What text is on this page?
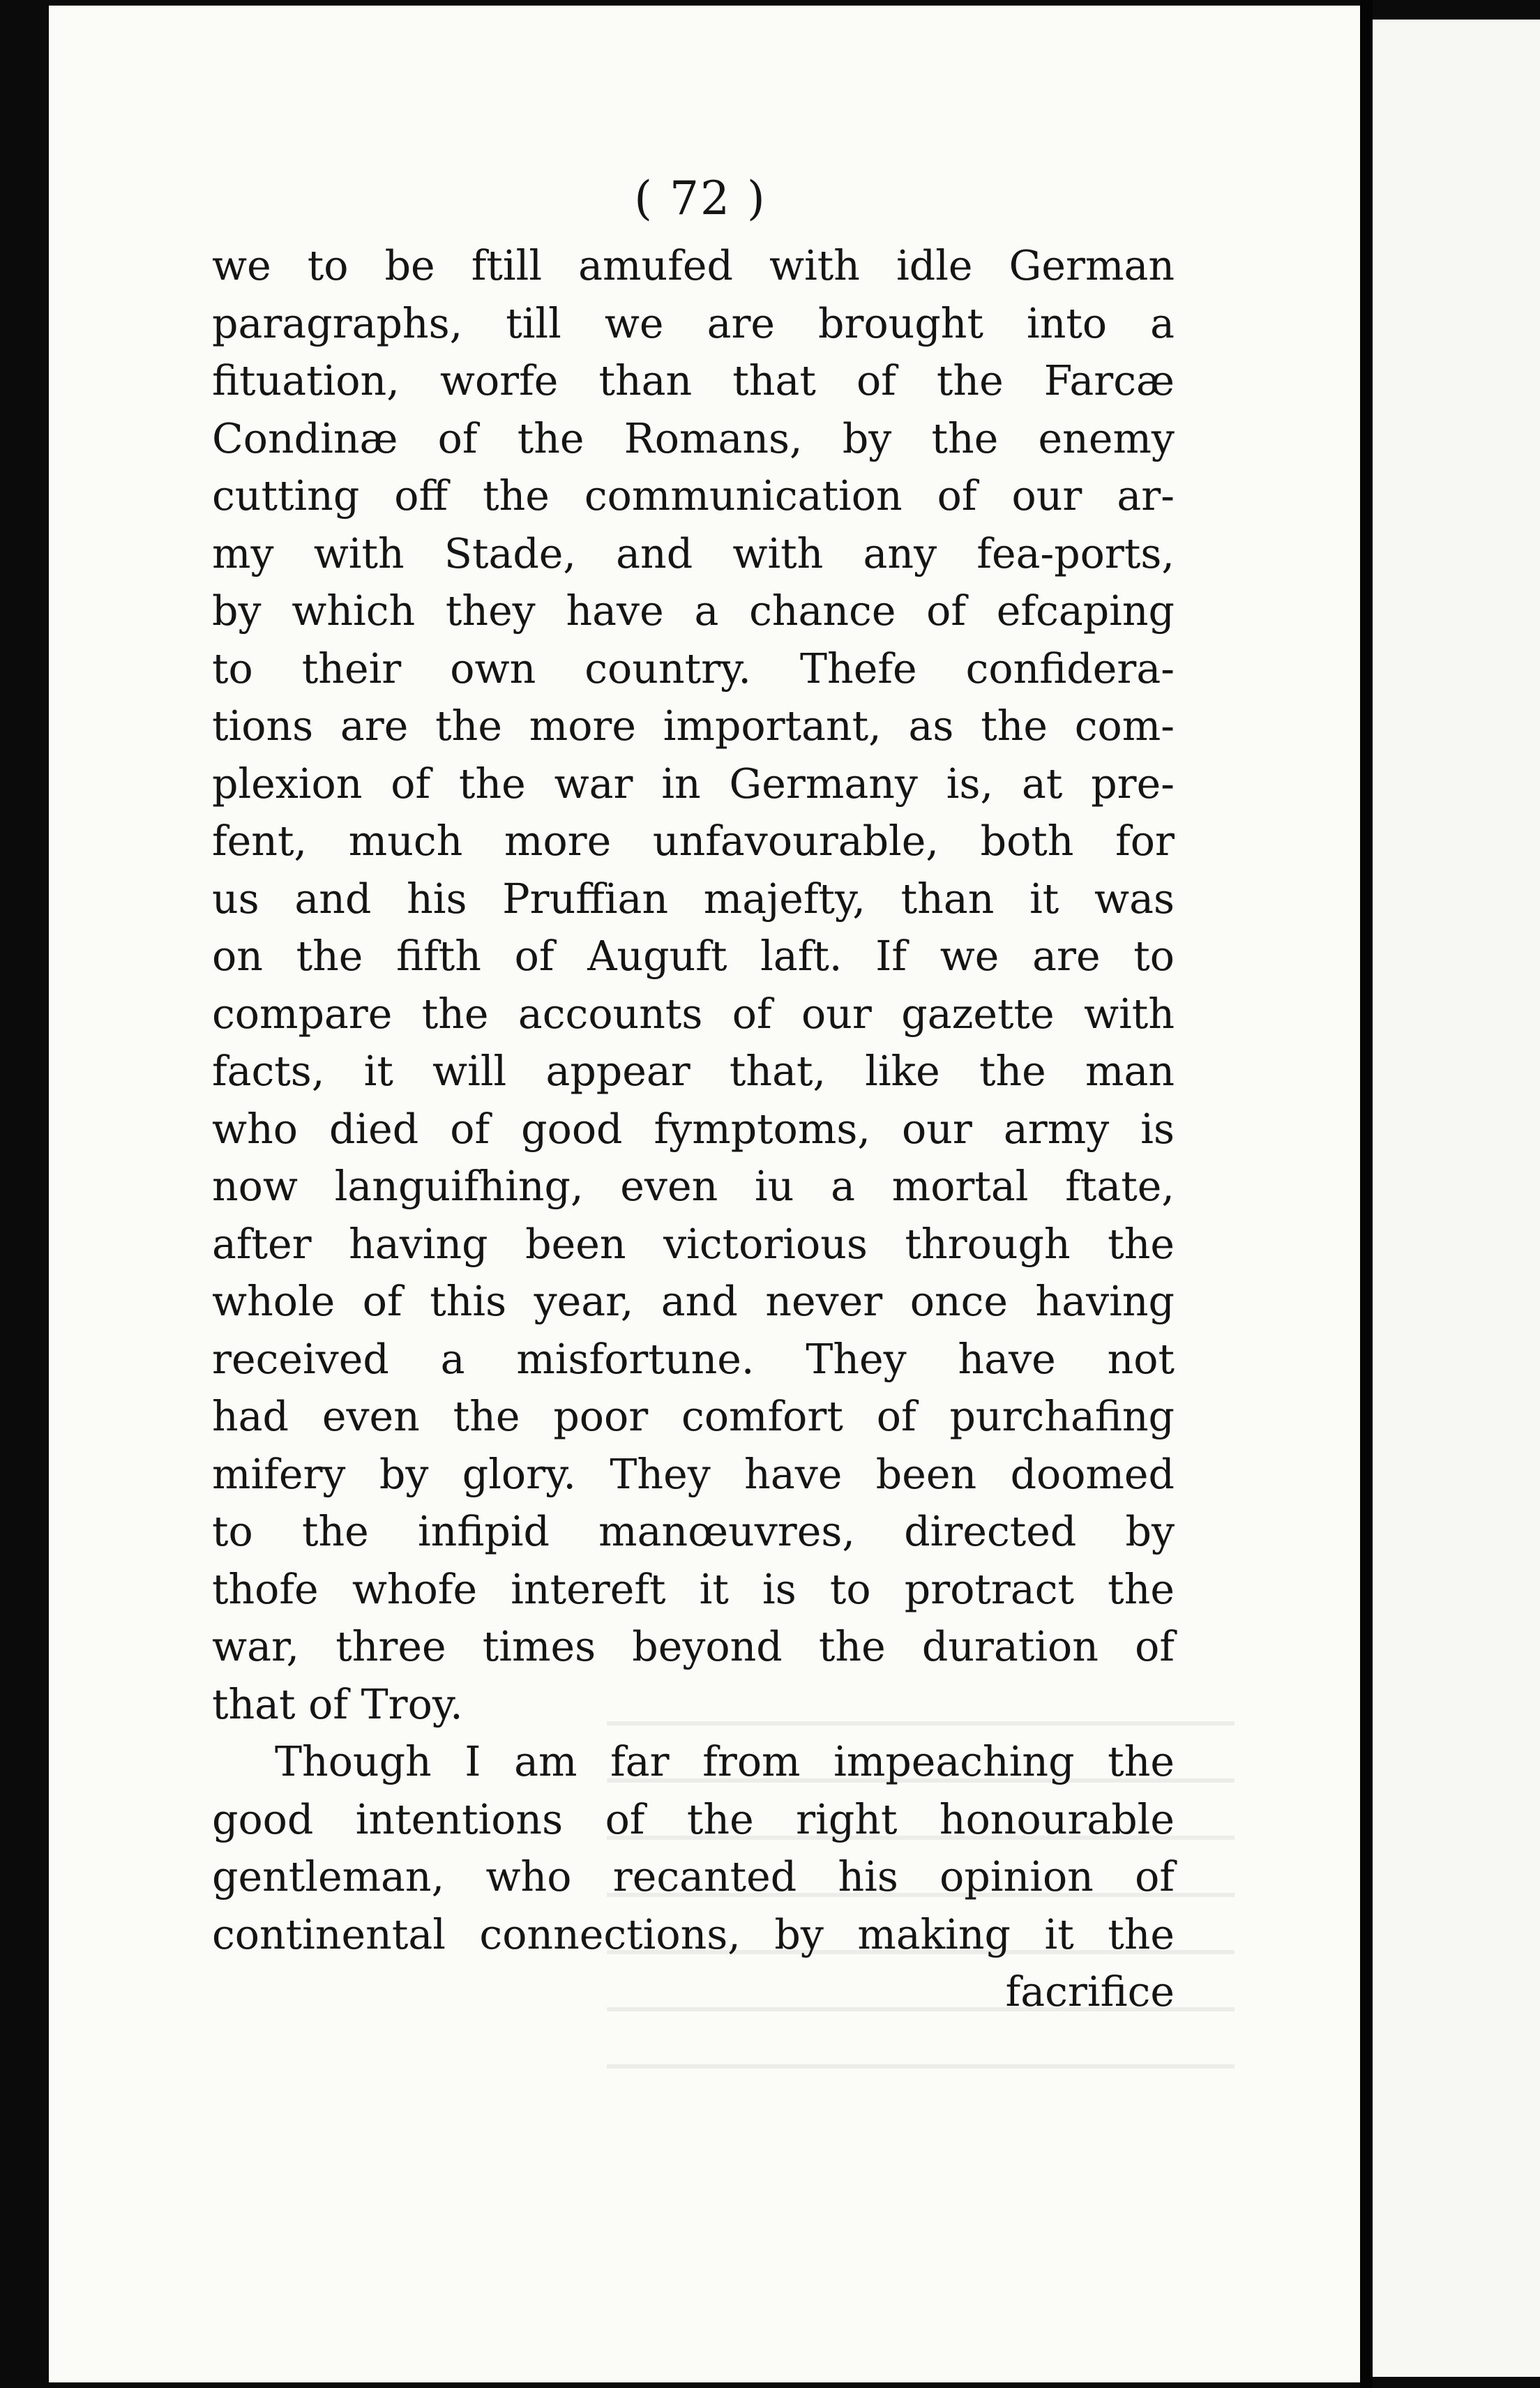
( 72 )
we to be ftill amufed with idle German
paragraphs, till we are brought into a
fituation, worfe than that of the Farcæ
Condinæ of the Romans, by the enemy
cutting off the communication of our ar-
my with Stade, and with any fea-ports,
by which they have a chance of efcaping
to their own country. Thefe confidera-
tions are the more important, as the com-
plexion of the war in Germany is, at pre-
fent, much more unfavourable, both for
us and his Pruffian majefty, than it was
on the fifth of Auguft laft. If we are to
compare the accounts of our gazette with
facts, it will appear that, like the man
who died of good fymptoms, our army is
now languifhing, even iu a mortal ftate,
after having been victorious through the
whole of this year, and never once having
received a misfortune. They have not
had even the poor comfort of purchafing
mifery by glory. They have been doomed
to the infipid manœuvres, directed by
thofe whofe intereft it is to protract the
war, three times beyond the duration of
that of Troy.
Though I am far from impeaching the
good intentions of the right honourable
gentleman, who recanted his opinion of
continental connections, by making it the
facrifice
